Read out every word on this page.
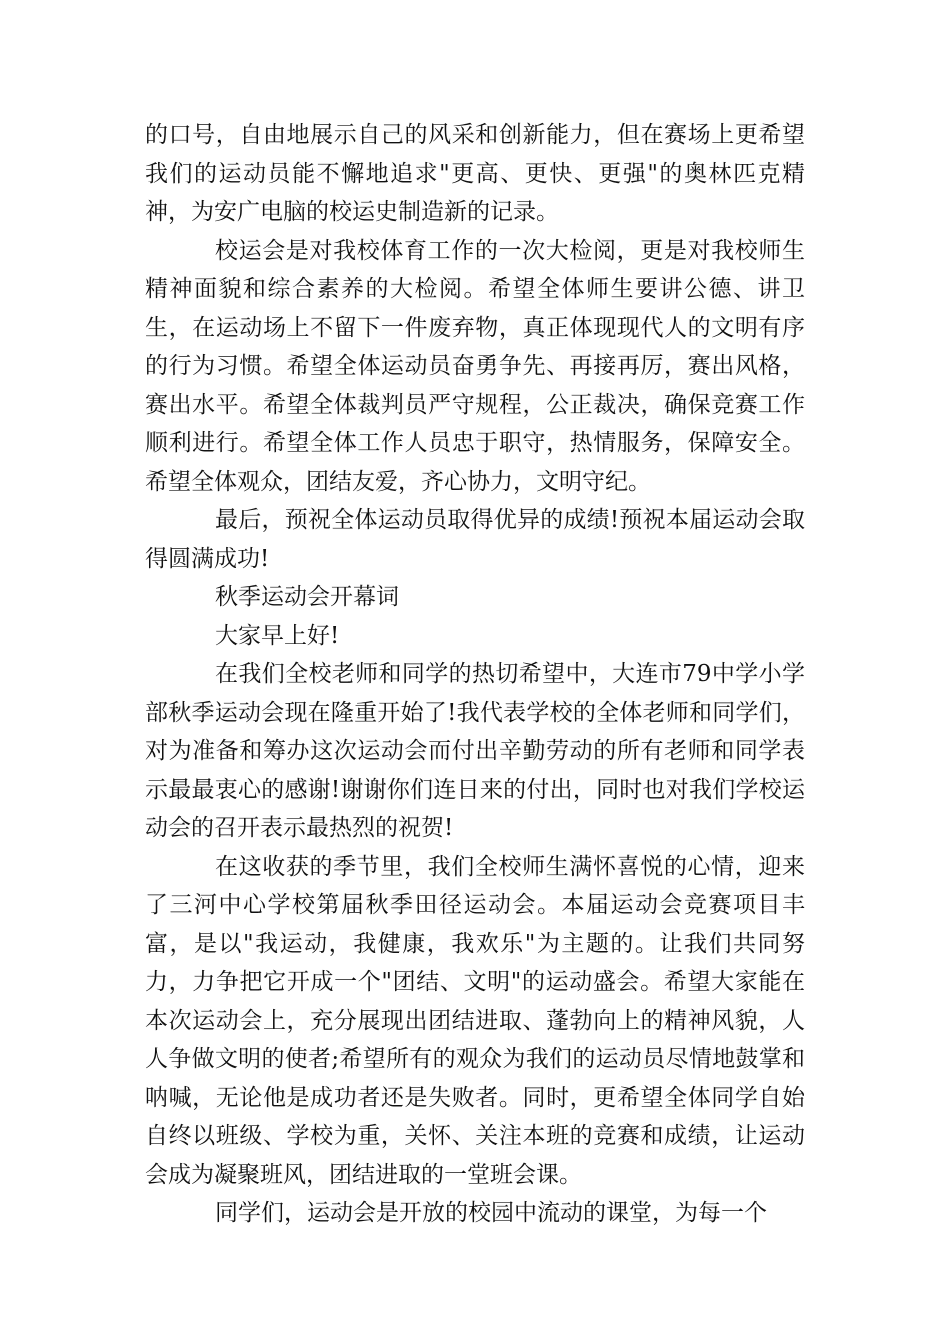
的口号，自由地展示自己的风采和创新能力，但在赛场上更希望我们的运动员能不懈地追求"更高、更快、更强"的奥林匹克精神，为安广电脑的校运史制造新的记录。

校运会是对我校体育工作的一次大检阅，更是对我校师生精神面貌和综合素养的大检阅。希望全体师生要讲公德、讲卫生，在运动场上不留下一件废弃物，真正体现现代人的文明有序的行为习惯。希望全体运动员奋勇争先、再接再厉，赛出风格，赛出水平。希望全体裁判员严守规程，公正裁决，确保竞赛工作顺利进行。希望全体工作人员忠于职守，热情服务，保障安全。希望全体观众，团结友爱，齐心协力，文明守纪。

最后，预祝全体运动员取得优异的成绩!预祝本届运动会取得圆满成功!

秋季运动会开幕词

大家早上好!

在我们全校老师和同学的热切希望中，大连市79中学小学部秋季运动会现在隆重开始了!我代表学校的全体老师和同学们，对为准备和筹办这次运动会而付出辛勤劳动的所有老师和同学表示最最衷心的感谢!谢谢你们连日来的付出，同时也对我们学校运动会的召开表示最热烈的祝贺!

在这收获的季节里，我们全校师生满怀喜悦的心情，迎来了三河中心学校第届秋季田径运动会。本届运动会竞赛项目丰富，是以"我运动，我健康，我欢乐"为主题的。让我们共同努力，力争把它开成一个"团结、文明"的运动盛会。希望大家能在本次运动会上，充分展现出团结进取、蓬勃向上的精神风貌，人人争做文明的使者;希望所有的观众为我们的运动员尽情地鼓掌和呐喊，无论他是成功者还是失败者。同时，更希望全体同学自始自终以班级、学校为重，关怀、关注本班的竞赛和成绩，让运动会成为凝聚班风，团结进取的一堂班会课。

同学们，运动会是开放的校园中流动的课堂，为每一个
